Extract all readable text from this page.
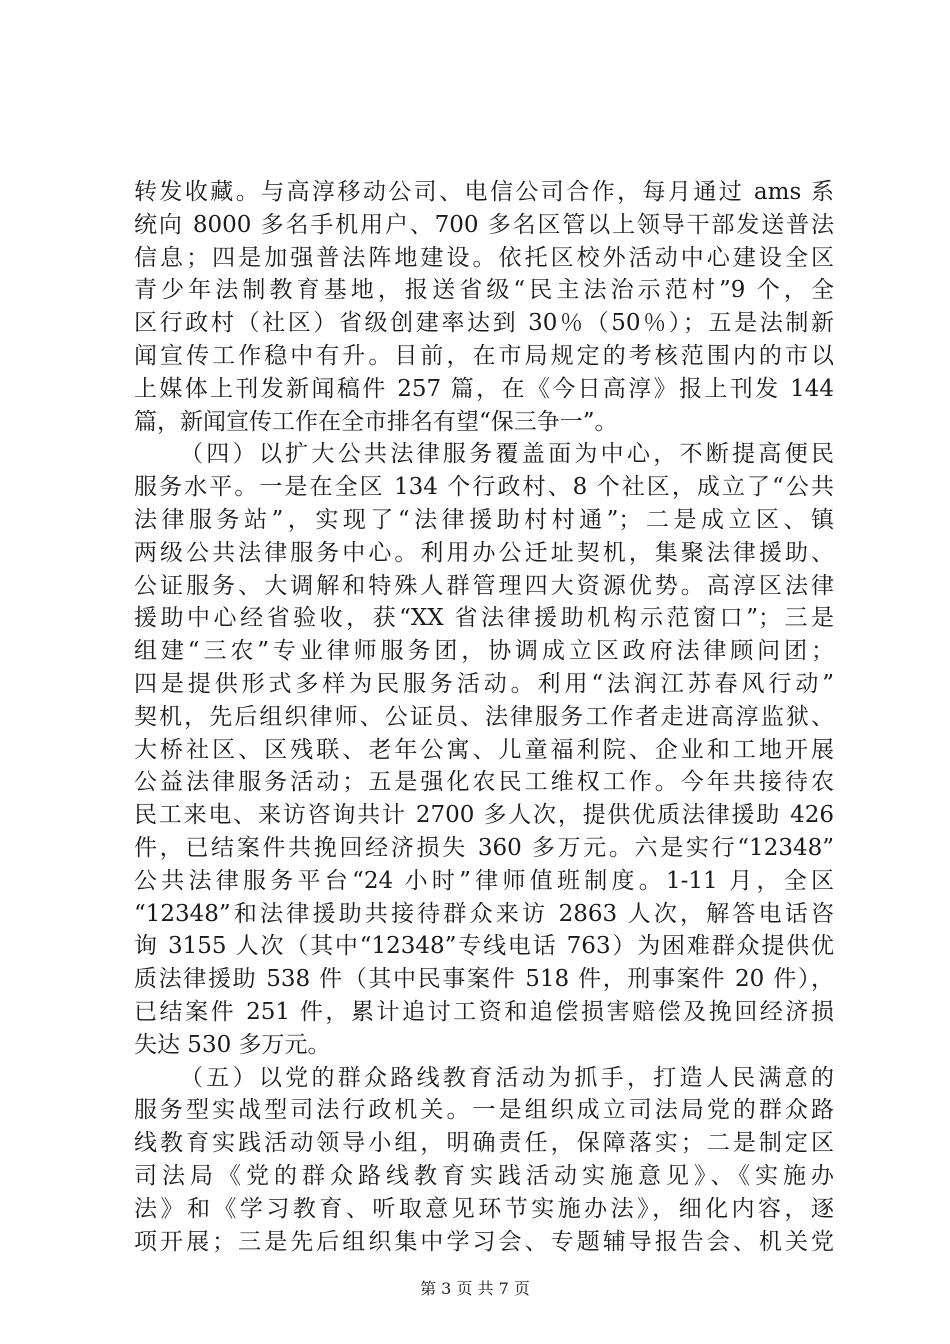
转发收藏。与高淳移动公司、电信公司合作，每月通过 ams 系
统向 8000 多名手机用户、700 多名区管以上领导干部发送普法
信息；四是加强普法阵地建设。依托区校外活动中心建设全区
青少年法制教育基地，报送省级“民主法治示范村”9 个，全
区行政村（社区）省级创建率达到 30％（50％）；五是法制新
闻宣传工作稳中有升。目前，在市局规定的考核范围内的市以
上媒体上刊发新闻稿件 257 篇，在《今日高淳》报上刊发 144
篇，新闻宣传工作在全市排名有望“保三争一”。
（四）以扩大公共法律服务覆盖面为中心，不断提高便民
服务水平。一是在全区 134 个行政村、8 个社区，成立了“公共
法律服务站”，实现了“法律援助村村通”；二是成立区、镇
两级公共法律服务中心。利用办公迁址契机，集聚法律援助、
公证服务、大调解和特殊人群管理四大资源优势。高淳区法律
援助中心经省验收，获“XX 省法律援助机构示范窗口”；三是
组建“三农”专业律师服务团，协调成立区政府法律顾问团；
四是提供形式多样为民服务活动。利用“法润江苏春风行动”
契机，先后组织律师、公证员、法律服务工作者走进高淳监狱、
大桥社区、区残联、老年公寓、儿童福利院、企业和工地开展
公益法律服务活动；五是强化农民工维权工作。今年共接待农
民工来电、来访咨询共计 2700 多人次，提供优质法律援助 426
件，已结案件共挽回经济损失 360 多万元。六是实行“12348”
公共法律服务平台“24 小时”律师值班制度。1-11 月，全区
“12348”和法律援助共接待群众来访 2863 人次，解答电话咨
询 3155 人次（其中“12348”专线电话 763）为困难群众提供优
质法律援助 538 件（其中民事案件 518 件，刑事案件 20 件），
已结案件 251 件，累计追讨工资和追偿损害赔偿及挽回经济损
失达 530 多万元。
（五）以党的群众路线教育活动为抓手，打造人民满意的
服务型实战型司法行政机关。一是组织成立司法局党的群众路
线教育实践活动领导小组，明确责任，保障落实；二是制定区
司法局《党的群众路线教育实践活动实施意见》、《实施办
法》和《学习教育、听取意见环节实施办法》，细化内容，逐
项开展；三是先后组织集中学习会、专题辅导报告会、机关党
第 3 页 共 7 页
